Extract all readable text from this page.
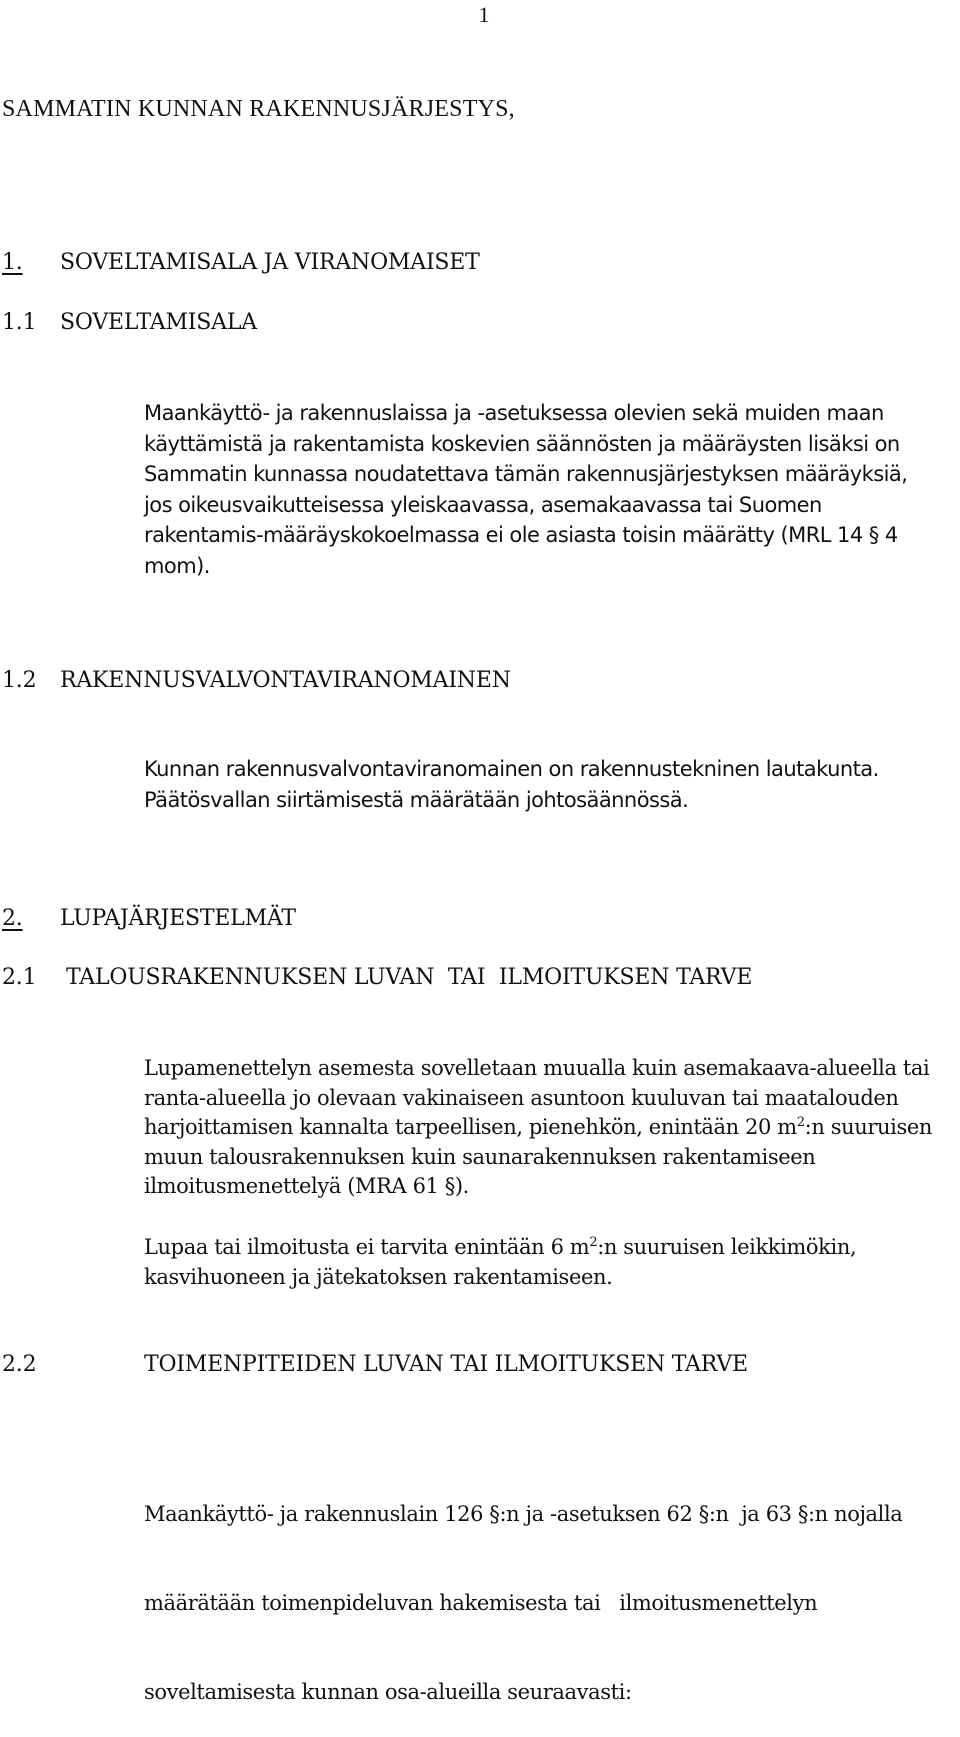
1
SAMMATIN KUNNAN RAKENNUSJÄRJESTYS,
1. SOVELTAMISALA JA VIRANOMAISET
1.1 SOVELTAMISALA
Maankäyttö- ja rakennuslaissa ja -asetuksessa olevien sekä muiden maan
käyttämistä ja rakentamista koskevien säännösten ja määräysten lisäksi on
Sammatin kunnassa noudatettava tämän rakennusjärjestyksen määräyksiä,
jos oikeusvaikutteisessa yleiskaavassa, asemakaavassa tai Suomen
rakentamis-määräyskokoelmassa ei ole asiasta toisin määrätty (MRL 14 § 4
mom).
1.2 RAKENNUSVALVONTAVIRANOMAINEN
Kunnan rakennusvalvontaviranomainen on rakennustekninen lautakunta.
Päätösvallan siirtämisestä määrätään johtosäännössä.
2. LUPAJÄRJESTELMÄT
2.1 TALOUSRAKENNUKSEN LUVAN  TAI  ILMOITUKSEN TARVE
Lupamenettelyn asemesta sovelletaan muualla kuin asemakaava-alueella tai
ranta-alueella jo olevaan vakinaiseen asuntoon kuuluvan tai maatalouden
harjoittamisen kannalta tarpeellisen, pienehkön, enintään 20 $m^2:n$ suuruisen
muun talousrakennuksen kuin saunarakennuksen rakentamiseen
ilmoitusmenettelyä (MRA 61 §).
Lupaa tai ilmoitusta ei tarvita enintään 6 $m^2:n$ suuruisen leikkimökin,
kasvihuoneen ja jätekatoksen rakentamiseen.
2.2	TOIMENPITEIDEN LUVAN TAI ILMOITUKSEN TARVE

Maankäyttö- ja rakennuslain 126 §:n ja -asetuksen 62 §:n  ja 63 §:n nojalla

määrätään toimenpideluvan hakemisesta tai   ilmoitusmenettelyn

soveltamisesta kunnan osa-alueilla seuraavasti:
